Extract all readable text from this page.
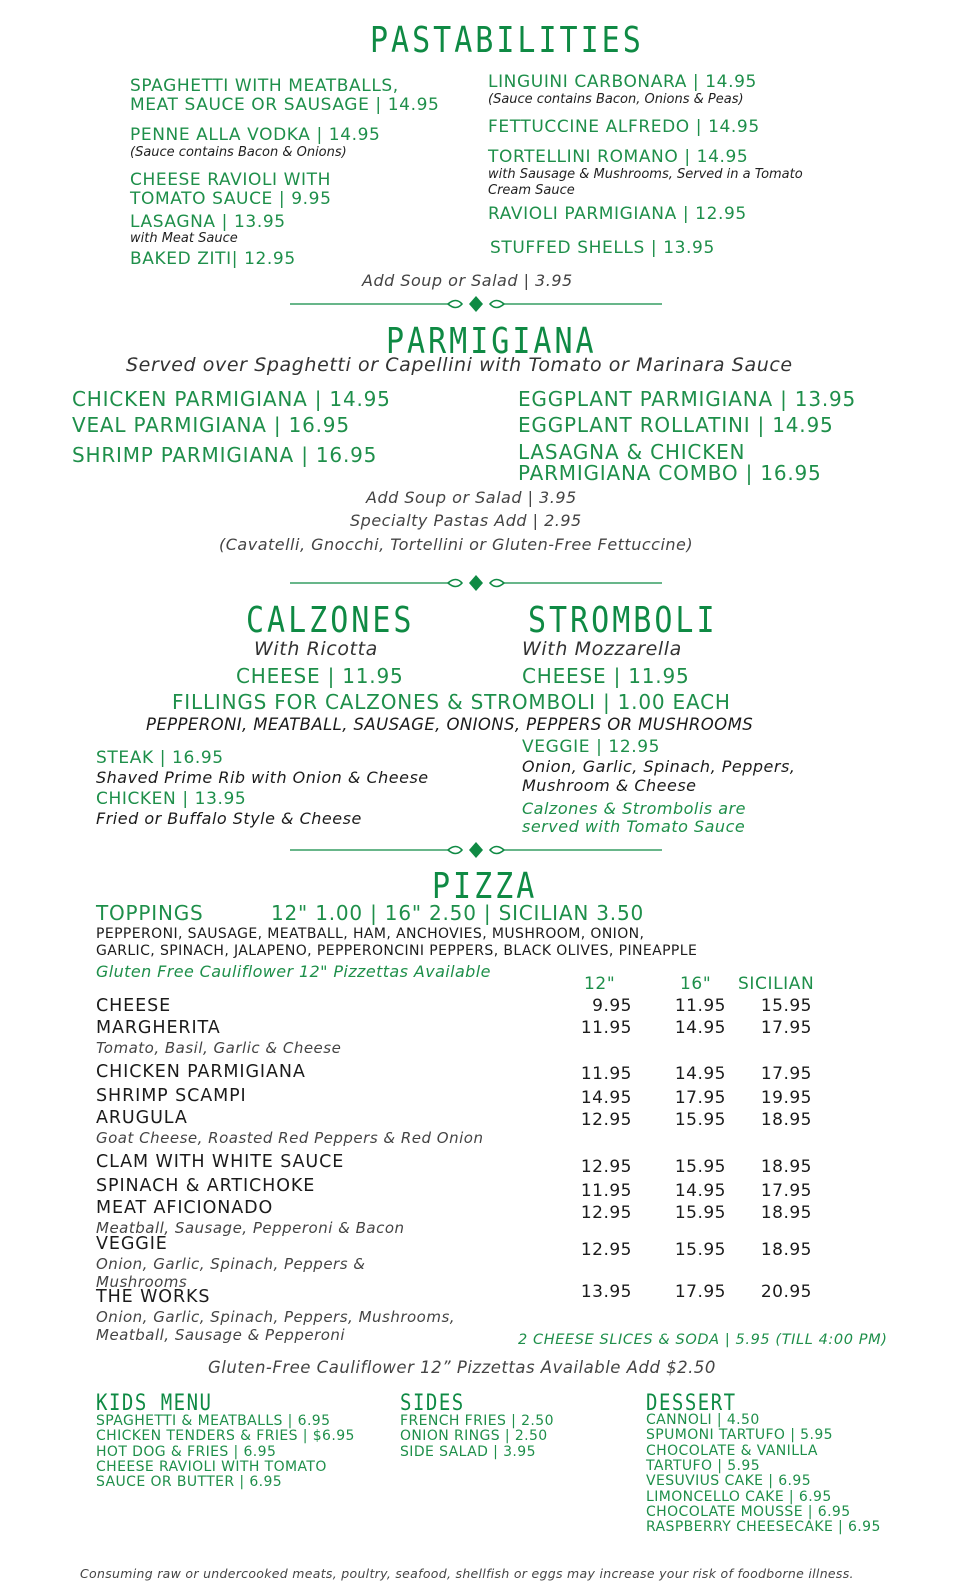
PASTABILITIES
SPAGHETTI WITH MEATBALLS,
MEAT SAUCE OR SAUSAGE | 14.95
PENNE ALLA VODKA | 14.95
(Sauce contains Bacon & Onions)
CHEESE RAVIOLI WITH
TOMATO SAUCE | 9.95
LASAGNA | 13.95
with Meat Sauce
BAKED ZITI| 12.95
LINGUINI CARBONARA | 14.95
(Sauce contains Bacon, Onions & Peas)
FETTUCCINE ALFREDO | 14.95
TORTELLINI ROMANO | 14.95
with Sausage & Mushrooms, Served in a Tomato
Cream Sauce
RAVIOLI PARMIGIANA | 12.95
STUFFED SHELLS | 13.95
Add Soup or Salad | 3.95
PARMIGIANA
Served over Spaghetti or Capellini with Tomato or Marinara Sauce
CHICKEN PARMIGIANA | 14.95
VEAL PARMIGIANA | 16.95
SHRIMP PARMIGIANA | 16.95
EGGPLANT PARMIGIANA | 13.95
EGGPLANT ROLLATINI | 14.95
LASAGNA & CHICKEN
PARMIGIANA COMBO | 16.95
Add Soup or Salad | 3.95
Specialty Pastas Add | 2.95
(Cavatelli, Gnocchi, Tortellini or Gluten-Free Fettuccine)
CALZONES	STROMBOLI
With Ricotta	With Mozzarella
CHEESE | 11.95	CHEESE | 11.95
FILLINGS FOR CALZONES & STROMBOLI | 1.00 EACH
PEPPERONI, MEATBALL, SAUSAGE, ONIONS, PEPPERS OR MUSHROOMS
STEAK | 16.95
Shaved Prime Rib with Onion & Cheese
CHICKEN | 13.95
Fried or Buffalo Style & Cheese
VEGGIE | 12.95
Onion, Garlic, Spinach, Peppers,
Mushroom & Cheese
Calzones & Strombolis are
served with Tomato Sauce
PIZZA
TOPPINGS	12" 1.00 | 16" 2.50 | SICILIAN 3.50
PEPPERONI, SAUSAGE, MEATBALL, HAM, ANCHOVIES, MUSHROOM, ONION,
GARLIC, SPINACH, JALAPENO, PEPPERONCINI PEPPERS, BLACK OLIVES, PINEAPPLE
Gluten Free Cauliflower 12" Pizzettas Available
12"	16" SICILIAN
CHEESE	9.95	11.95	15.95
MARGHERITA
Tomato, Basil, Garlic & Cheese
11.95	14.95	17.95
CHICKEN PARMIGIANA	11.95	14.95	17.95
SHRIMP SCAMPI	14.95	17.95	19.95
ARUGULA
Goat Cheese, Roasted Red Peppers & Red Onion
12.95	15.95	18.95
CLAM WITH WHITE SAUCE	12.95	15.95	18.95
SPINACH & ARTICHOKE	11.95	14.95	17.95
MEAT AFICIONADO
Meatball, Sausage, Pepperoni & Bacon
12.95	15.95	18.95
VEGGIE
Onion, Garlic, Spinach, Peppers &
Mushrooms
12.95	15.95	18.95
THE WORKS
Onion, Garlic, Spinach, Peppers, Mushrooms,
Meatball, Sausage & Pepperoni
13.95	17.95	20.95
2 CHEESE SLICES & SODA | 5.95 (TILL 4:00 PM)
Gluten-Free Cauliflower 12” Pizzettas Available Add $2.50
KIDS MENU	SIDES	DESSERT
SPAGHETTI & MEATBALLS | 6.95
CHICKEN TENDERS & FRIES | $6.95
HOT DOG & FRIES | 6.95
CHEESE RAVIOLI WITH TOMATO
SAUCE OR BUTTER | 6.95
FRENCH FRIES | 2.50
ONION RINGS | 2.50
SIDE SALAD | 3.95
CANNOLI | 4.50
SPUMONI TARTUFO | 5.95
CHOCOLATE & VANILLA
TARTUFO | 5.95
VESUVIUS CAKE | 6.95
LIMONCELLO CAKE | 6.95
CHOCOLATE MOUSSE | 6.95
RASPBERRY CHEESECAKE | 6.95
Consuming raw or undercooked meats, poultry, seafood, shellfish or eggs may increase your risk of foodborne illness.
